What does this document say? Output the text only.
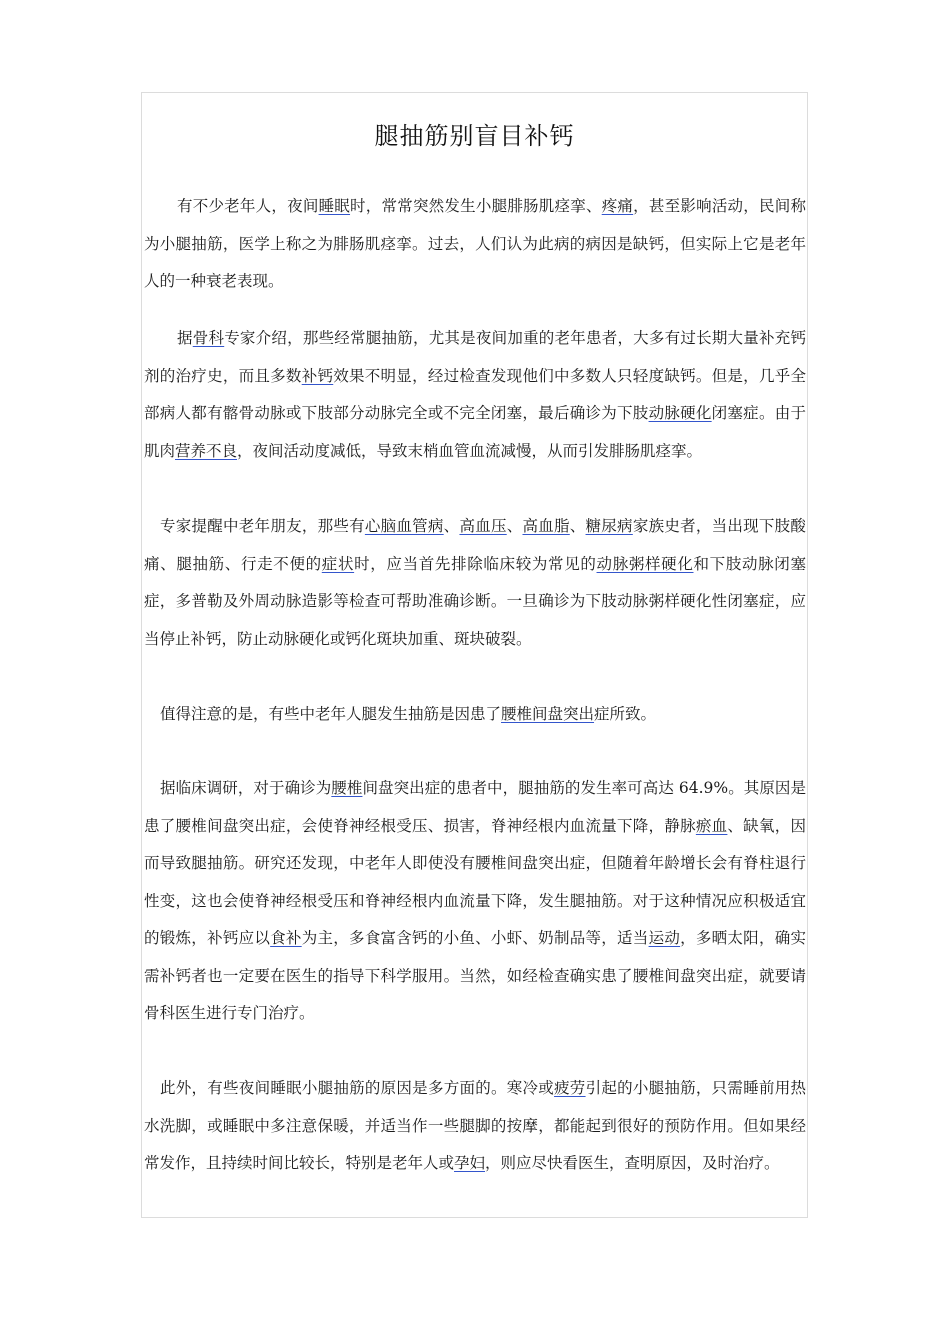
腿抽筋别盲目补钙

有不少老年人，夜间睡眠时，常常突然发生小腿腓肠肌痉挛、疼痛，甚至影响活动，民间称为小腿抽筋，医学上称之为腓肠肌痉挛。过去，人们认为此病的病因是缺钙，但实际上它是老年人的一种衰老表现。

据骨科专家介绍，那些经常腿抽筋，尤其是夜间加重的老年患者，大多有过长期大量补充钙剂的治疗史，而且多数补钙效果不明显，经过检查发现他们中多数人只轻度缺钙。但是，几乎全部病人都有髂骨动脉或下肢部分动脉完全或不完全闭塞，最后确诊为下肢动脉硬化闭塞症。由于肌肉营养不良，夜间活动度减低，导致末梢血管血流减慢，从而引发腓肠肌痉挛。

专家提醒中老年朋友，那些有心脑血管病、高血压、高血脂、糖尿病家族史者，当出现下肢酸痛、腿抽筋、行走不便的症状时，应当首先排除临床较为常见的动脉粥样硬化和下肢动脉闭塞症，多普勒及外周动脉造影等检查可帮助准确诊断。一旦确诊为下肢动脉粥样硬化性闭塞症，应当停止补钙，防止动脉硬化或钙化斑块加重、斑块破裂。

值得注意的是，有些中老年人腿发生抽筋是因患了腰椎间盘突出症所致。

据临床调研，对于确诊为腰椎间盘突出症的患者中，腿抽筋的发生率可高达 64.9%。其原因是患了腰椎间盘突出症，会使脊神经根受压、损害，脊神经根内血流量下降，静脉瘀血、缺氧，因而导致腿抽筋。研究还发现，中老年人即使没有腰椎间盘突出症，但随着年龄增长会有脊柱退行性变，这也会使脊神经根受压和脊神经根内血流量下降，发生腿抽筋。对于这种情况应积极适宜的锻炼，补钙应以食补为主，多食富含钙的小鱼、小虾、奶制品等，适当运动，多晒太阳，确实需补钙者也一定要在医生的指导下科学服用。当然，如经检查确实患了腰椎间盘突出症，就要请骨科医生进行专门治疗。

此外，有些夜间睡眠小腿抽筋的原因是多方面的。寒冷或疲劳引起的小腿抽筋，只需睡前用热水洗脚，或睡眠中多注意保暖，并适当作一些腿脚的按摩，都能起到很好的预防作用。但如果经常发作，且持续时间比较长，特别是老年人或孕妇，则应尽快看医生，查明原因，及时治疗。
